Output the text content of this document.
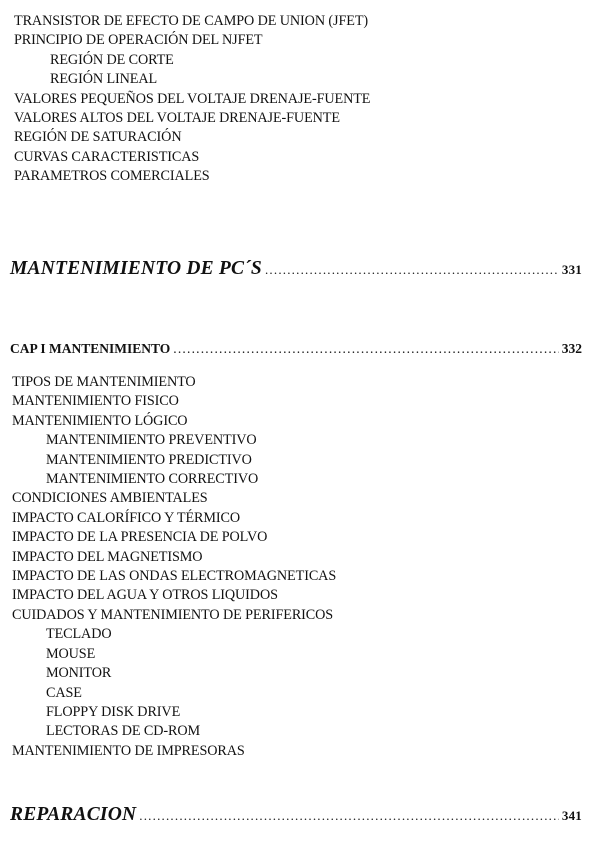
TRANSISTOR DE EFECTO DE CAMPO DE UNION (JFET)
PRINCIPIO DE OPERACIÓN DEL NJFET
REGIÓN DE CORTE
REGIÓN LINEAL
VALORES PEQUEÑOS DEL VOLTAJE DRENAJE-FUENTE
VALORES ALTOS DEL VOLTAJE DRENAJE-FUENTE
REGIÓN DE SATURACIÓN
CURVAS CARACTERISTICAS
PARAMETROS COMERCIALES
MANTENIMIENTO DE PC´S .....	331
CAP I MANTENIMIENTO .....	332
TIPOS DE MANTENIMIENTO
MANTENIMIENTO FISICO
MANTENIMIENTO LÓGICO
MANTENIMIENTO PREVENTIVO
MANTENIMIENTO PREDICTIVO
MANTENIMIENTO CORRECTIVO
CONDICIONES AMBIENTALES
IMPACTO CALORÍFICO Y TÉRMICO
IMPACTO DE LA PRESENCIA DE POLVO
IMPACTO DEL MAGNETISMO
IMPACTO DE LAS ONDAS ELECTROMAGNETICAS
IMPACTO DEL AGUA Y OTROS LIQUIDOS
CUIDADOS Y MANTENIMIENTO DE PERIFERICOS
TECLADO
MOUSE
MONITOR
CASE
FLOPPY DISK DRIVE
LECTORAS DE CD-ROM
MANTENIMIENTO DE IMPRESORAS
REPARACION .....	341
